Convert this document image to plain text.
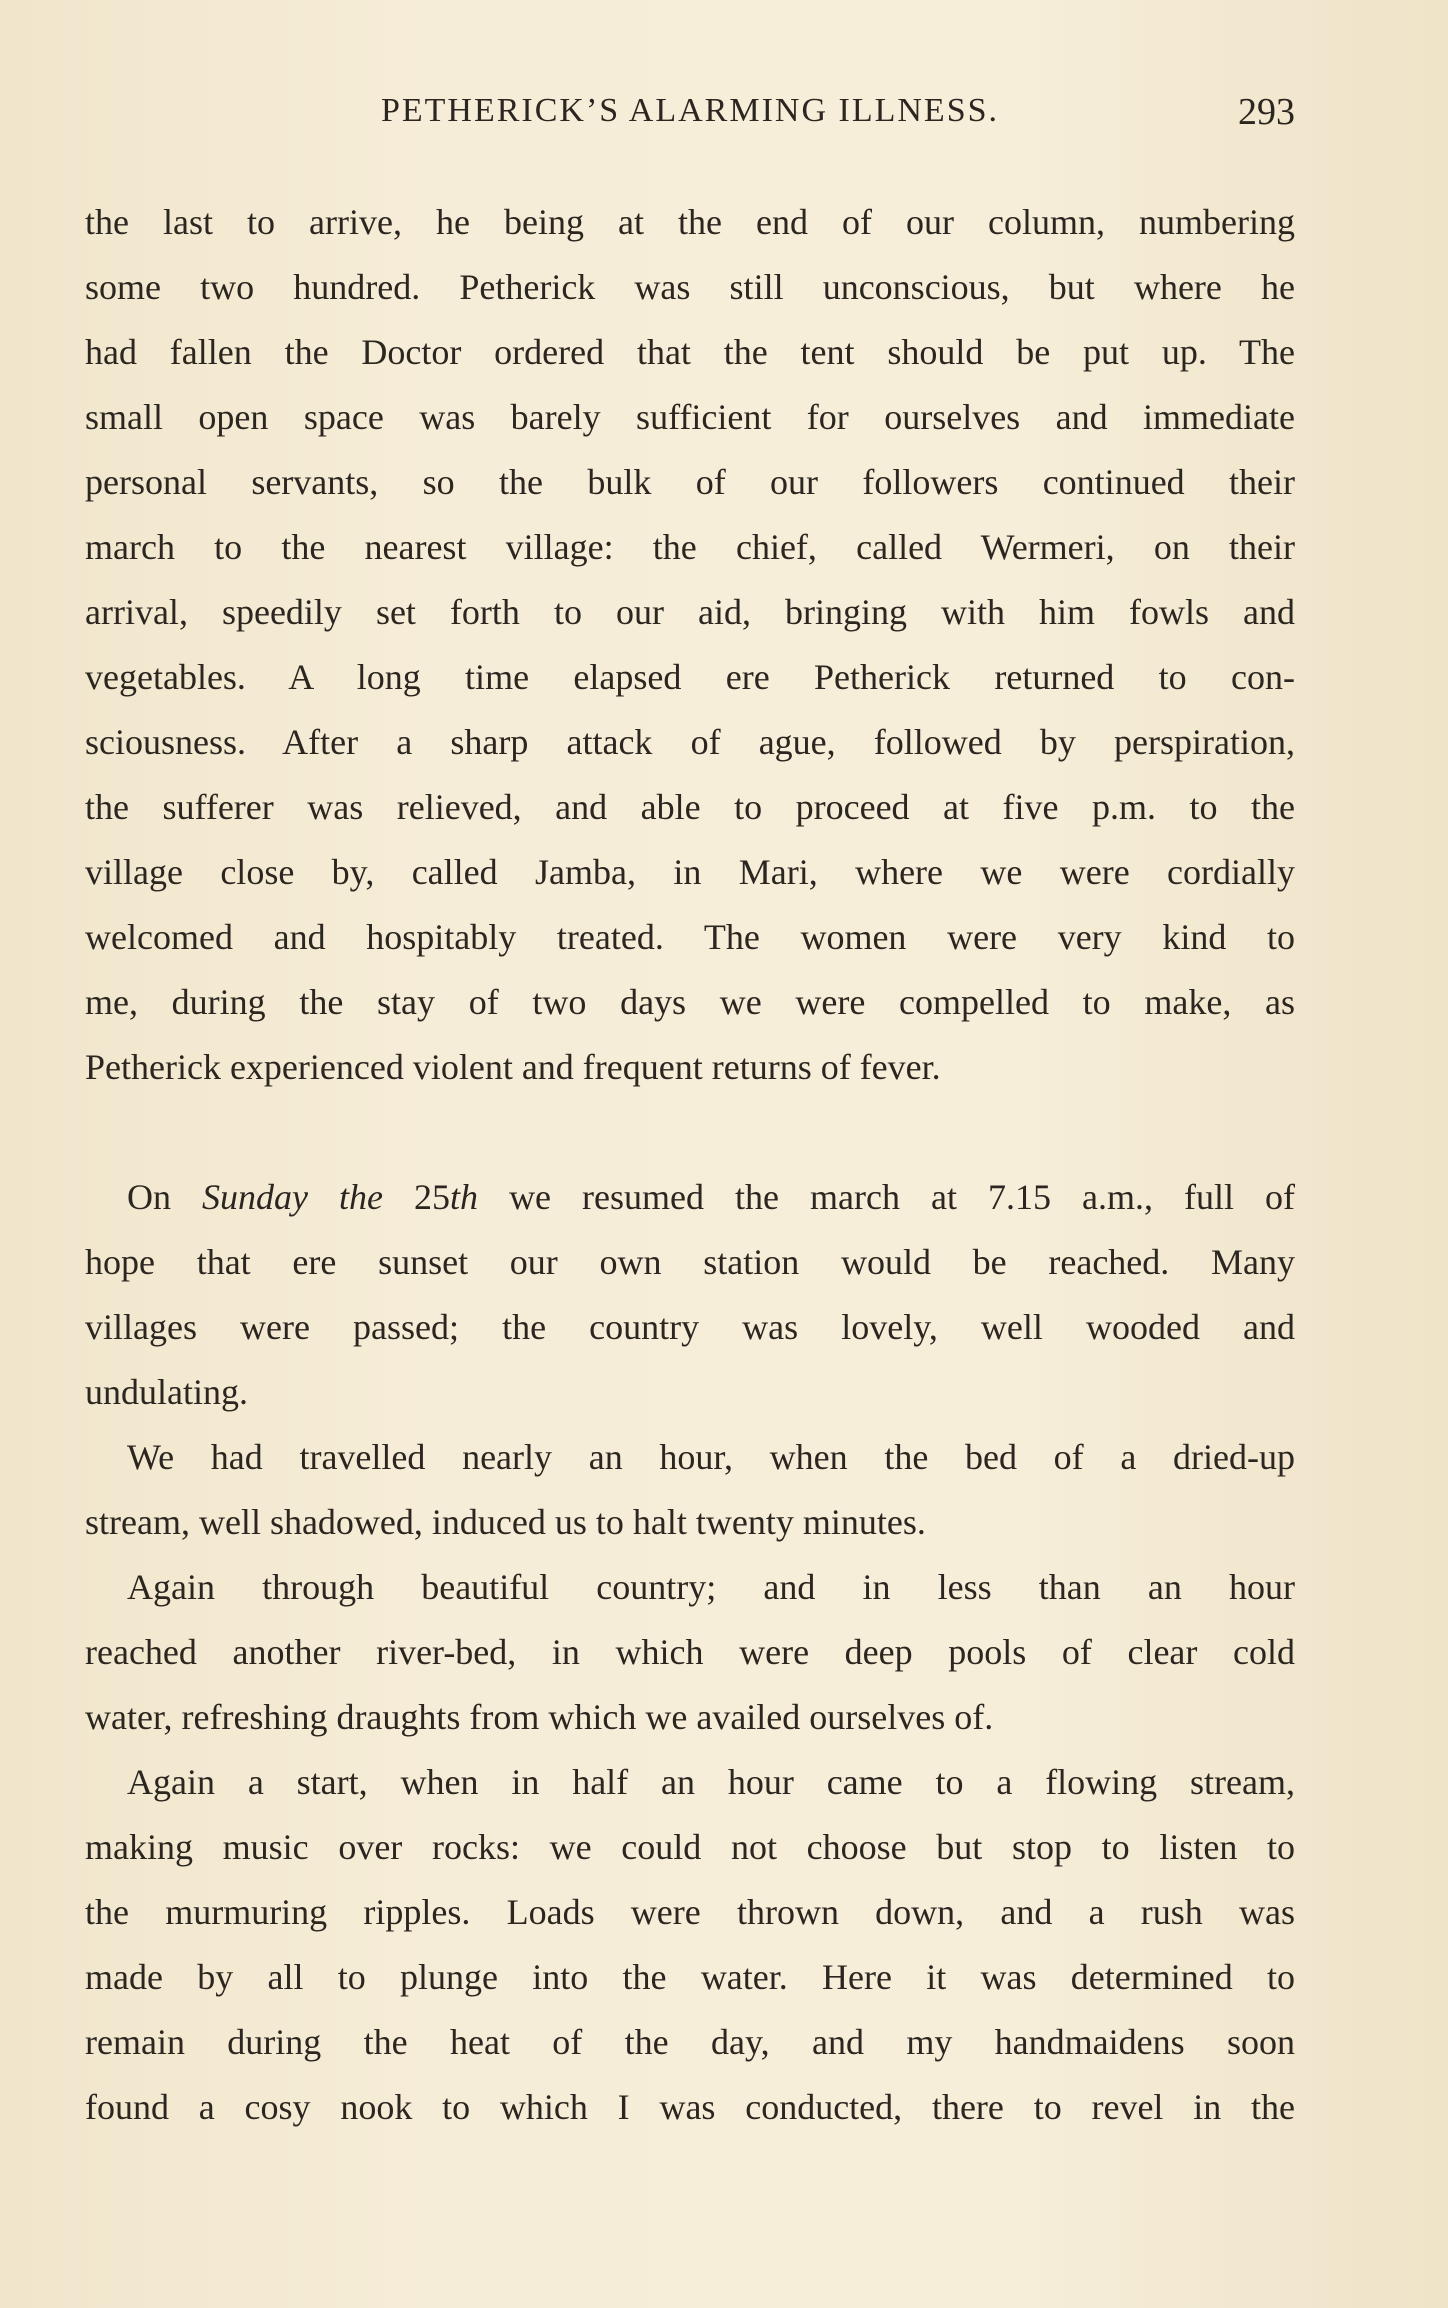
PETHERICK’S ALARMING ILLNESS.	293
the last to arrive, he being at the end of our column, numbering
some two hundred. Petherick was still unconscious, but where he
had fallen the Doctor ordered that the tent should be put up. The
small open space was barely sufficient for ourselves and immediate
personal servants, so the bulk of our followers continued their
march to the nearest village: the chief, called Wermeri, on their
arrival, speedily set forth to our aid, bringing with him fowls and
vegetables. A long time elapsed ere Petherick returned to con-
sciousness. After a sharp attack of ague, followed by perspiration,
the sufferer was relieved, and able to proceed at five p.m. to the
village close by, called Jamba, in Mari, where we were cordially
welcomed and hospitably treated. The women were very kind to
me, during the stay of two days we were compelled to make, as
Petherick experienced violent and frequent returns of fever.
On Sunday the 25th we resumed the march at 7.15 a.m., full of
hope that ere sunset our own station would be reached. Many
villages were passed; the country was lovely, well wooded and
undulating.
We had travelled nearly an hour, when the bed of a dried-up
stream, well shadowed, induced us to halt twenty minutes.
Again through beautiful country; and in less than an hour
reached another river-bed, in which were deep pools of clear cold
water, refreshing draughts from which we availed ourselves of.
Again a start, when in half an hour came to a flowing stream,
making music over rocks: we could not choose but stop to listen to
the murmuring ripples. Loads were thrown down, and a rush was
made by all to plunge into the water. Here it was determined to
remain during the heat of the day, and my handmaidens soon
found a cosy nook to which I was conducted, there to revel in the
